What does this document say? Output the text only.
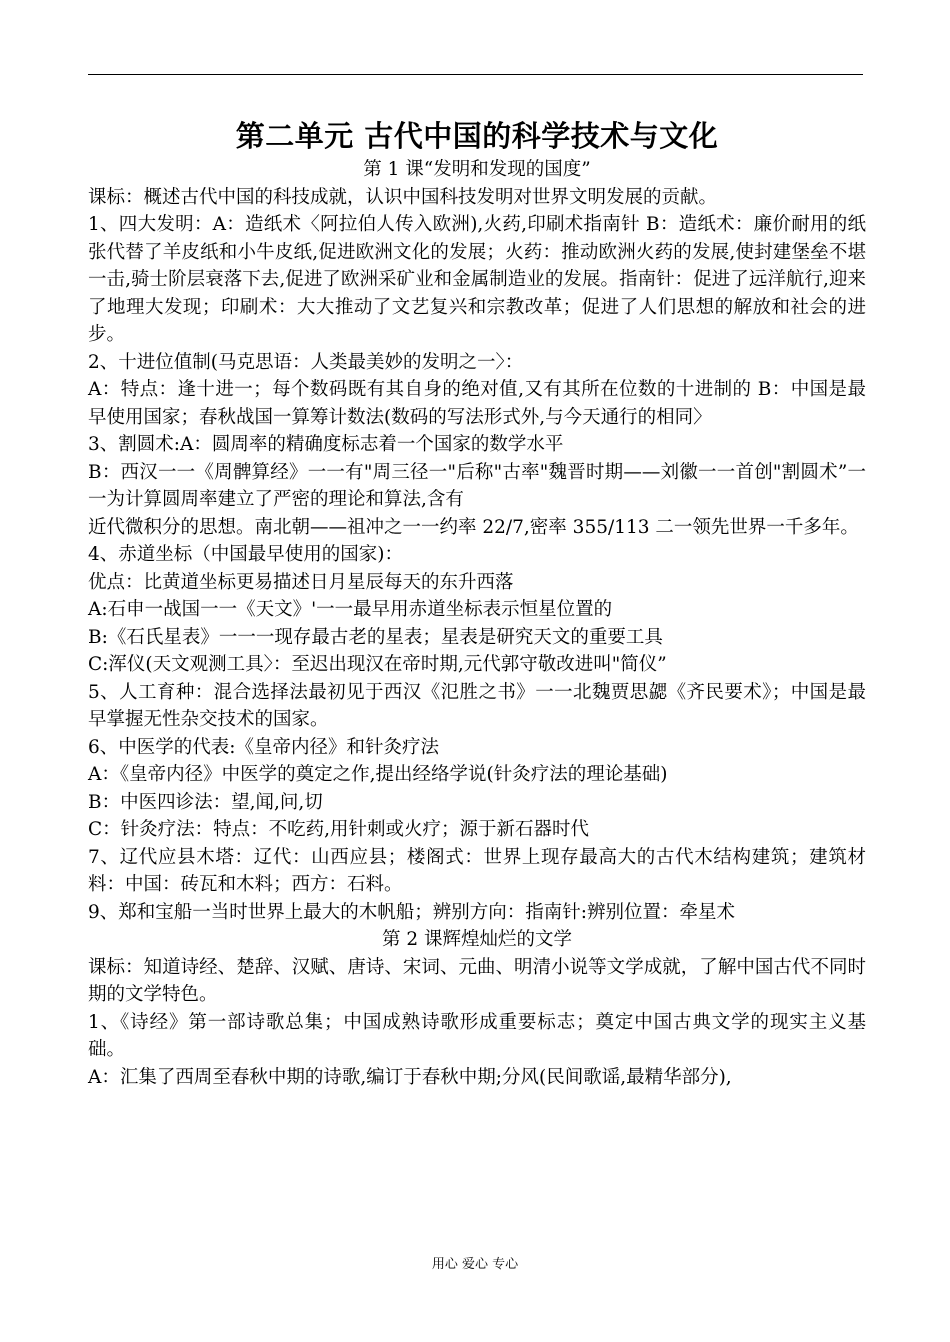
第二单元 古代中国的科学技术与文化

第 1 课“发明和发现的国度”

课标：概述古代中国的科技成就，认识中国科技发明对世界文明发展的贡献。

1、四大发明：A：造纸术〈阿拉伯人传入欧洲),火药,印刷术指南针 B：造纸术：廉价耐用的纸张代替了羊皮纸和小牛皮纸,促进欧洲文化的发展；火药：推动欧洲火药的发展,使封建堡垒不堪一击,骑士阶层衰落下去,促进了欧洲采矿业和金属制造业的发展。指南针：促进了远洋航行,迎来了地理大发现；印刷术：大大推动了文艺复兴和宗教改革；促进了人们思想的解放和社会的进步。

2、十进位值制(马克思语：人类最美妙的发明之一〉：

A：特点：逢十进一；每个数码既有其自身的绝对值,又有其所在位数的十进制的 B：中国是最早使用国家；春秋战国一算筹计数法(数码的写法形式外,与今天通行的相同〉

3、割圆术:A：圆周率的精确度标志着一个国家的数学水平

B：西汉一一《周髀算经》一一有"周三径一"后称"古率"魏晋时期——刘徽一一首创"割圆术”一一为计算圆周率建立了严密的理论和算法,含有

近代微积分的思想。南北朝——祖冲之一一约率 22/7,密率 355/113 二一领先世界一千多年。

4、赤道坐标（中国最早使用的国家)：

优点：比黄道坐标更易描述日月星辰每天的东升西落

A:石申一战国一一《天文》'一一最早用赤道坐标表示恒星位置的

B:《石氏星表》一一一现存最古老的星表；星表是研究天文的重要工具

C:浑仪(天文观测工具〉：至迟出现汉在帝时期,元代郭守敬改进叫"简仪”

5、人工育种：混合选择法最初见于西汉《氾胜之书》一一北魏贾思勰《齐民要术》；中国是最早掌握无性杂交技术的国家。

6、中医学的代表:《皇帝内径》和针灸疗法

A：《皇帝内径》中医学的奠定之作,提出经络学说(针灸疗法的理论基础)

B：中医四诊法：望,闻,问,切

C：针灸疗法：特点：不吃药,用针刺或火疗；源于新石器时代

7、辽代应县木塔：辽代：山西应县；楼阁式：世界上现存最高大的古代木结构建筑；建筑材料：中国：砖瓦和木料；西方：石料。

9、郑和宝船一当时世界上最大的木帆船；辨别方向：指南针:辨别位置：牵星术

第 2 课辉煌灿烂的文学

课标：知道诗经、楚辞、汉赋、唐诗、宋词、元曲、明清小说等文学成就，了解中国古代不同时期的文学特色。

1、《诗经》第一部诗歌总集；中国成熟诗歌形成重要标志；奠定中国古典文学的现实主义基础。

A：汇集了西周至春秋中期的诗歌,编订于春秋中期;分风(民间歌谣,最精华部分),

用心 爱心 专心
